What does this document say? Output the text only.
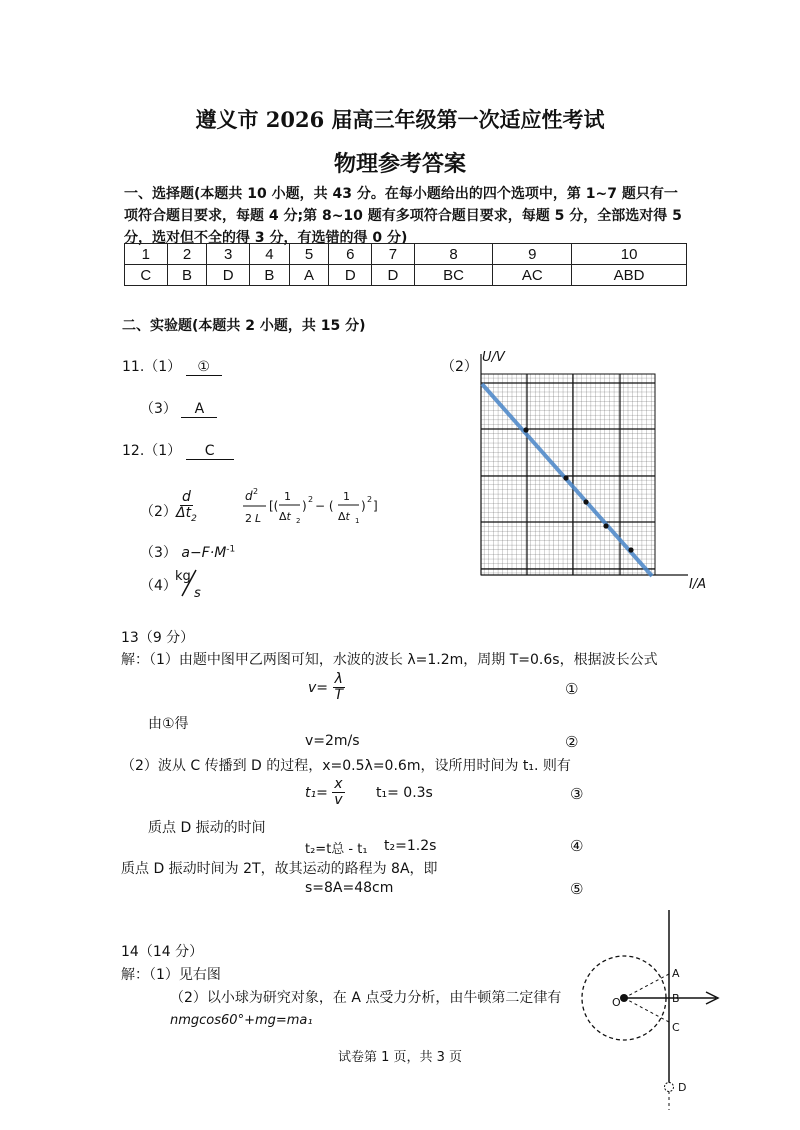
遵义市 2026 届高三年级第一次适应性考试
物理参考答案
一、选择题(本题共 10 小题，共 43 分。在每小题给出的四个选项中，第 1~7 题只有一
项符合题目要求，每题 4 分;第 8~10 题有多项符合题目要求，每题 5 分，全部选对得 5
分，选对但不全的得 3 分，有选错的得 0 分)
1	2	3	4	5	6	7	8	9	10
C	B	D	B	A	D	D	BC	AC	ABD
二、实验题(本题共 2 小题，共 15 分)
11.（1） ①	（2）
（3） A
12.（1） C
（2）
$\frac{d}{\Delta t_2}$	d 2
2 L
[(
1
Δt 2
) 2 − (
1
Δt 1
) 2 ]
（3） $a-F\cdot M^{-1}$
（4）
kg
s
U/V
I/A
13（9 分）
解：（1）由题中图甲乙两图可知，水波的波长 λ=1.2m，周期 T=0.6s，根据波长公式
$v= \frac{\lambda}{T}$	①
由①得
v=2m/s	②
（2）波从 C 传播到 D 的过程，x=0.5λ=0.6m，设所用时间为 t₁. 则有
$t_1= \frac{x}{v} t_1= 0.3s$	③
质点 D 振动的时间
t₂=t总 - t₁ t₂=1.2s	④
质点 D 振动时间为 2T，故其运动的路程为 8A，即
s=8A=48cm	⑤
14（14 分）
解：（1）见右图
（2）以小球为研究对象，在 A 点受力分析，由牛顿第二定律有
nmgcos60°+mg=ma₁
A
B
C
O
D
试卷第 1 页，共 3 页
